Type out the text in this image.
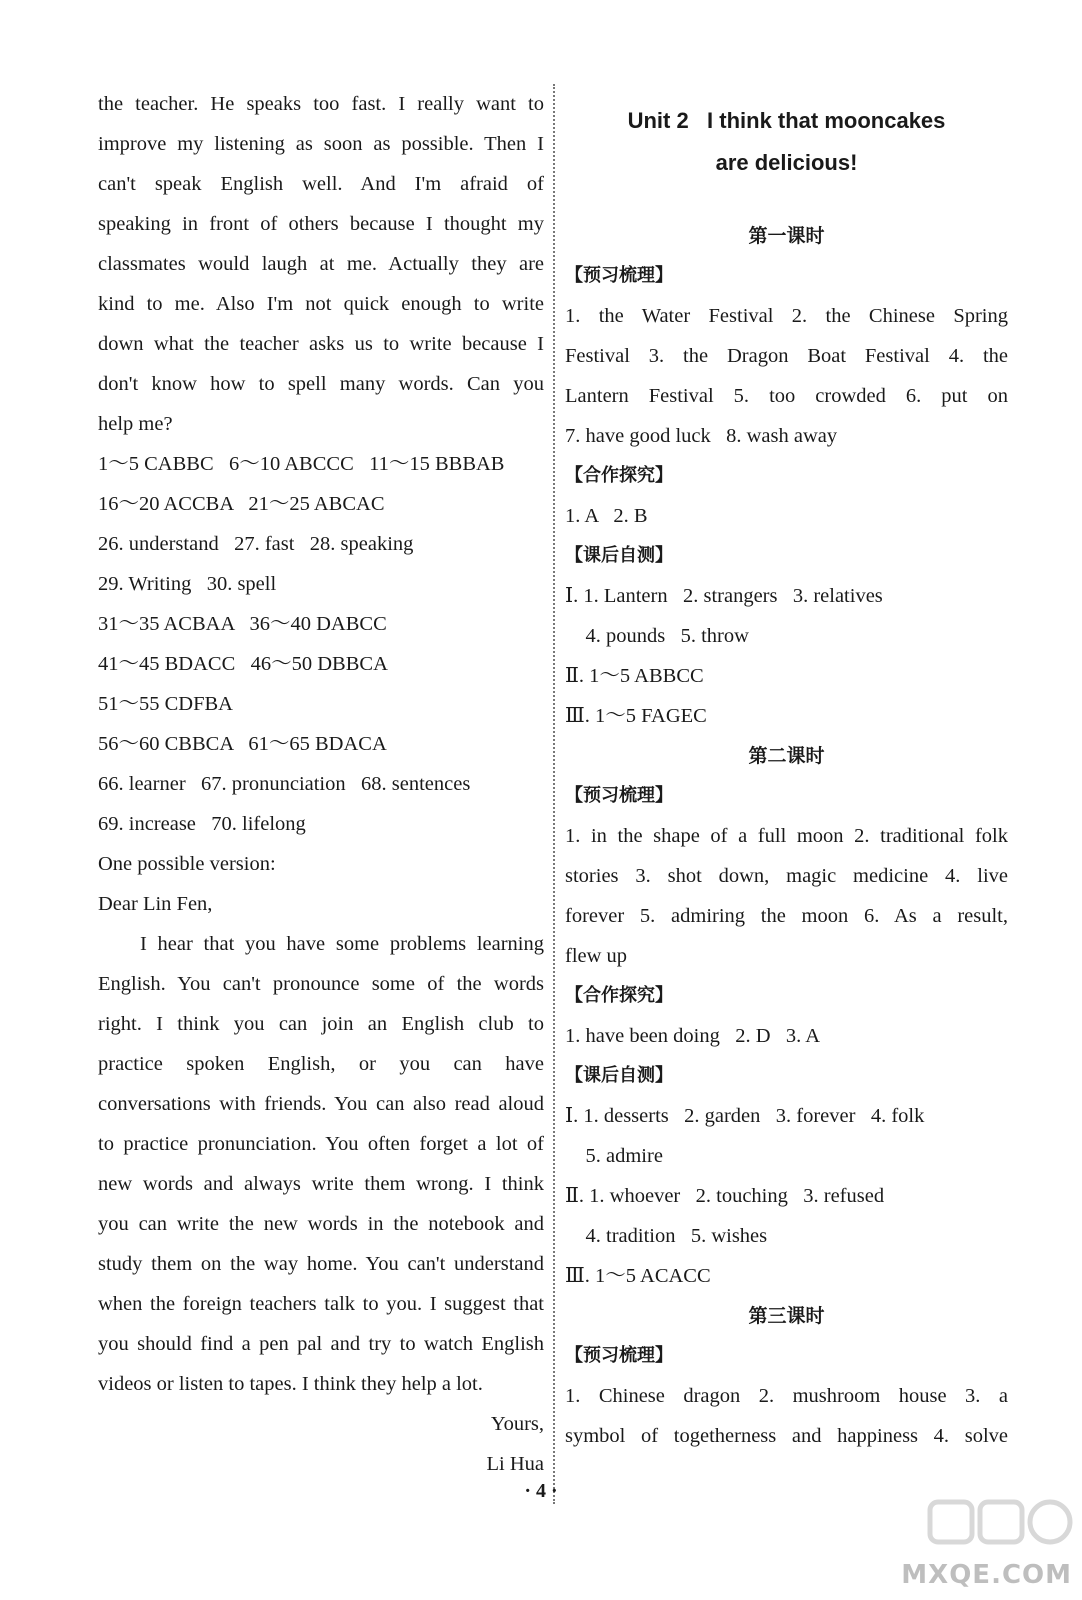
the teacher. He speaks too fast. I really want to
improve my listening as soon as possible. Then I
can't speak English well. And I'm afraid of
speaking in front of others because I thought my
classmates would laugh at me. Actually they are
kind to me. Also I'm not quick enough to write
down what the teacher asks us to write because I
don't know how to spell many words. Can you
help me?
1～5 CABBC   6～10 ABCCC   11～15 BBBAB
16～20 ACCBA   21～25 ABCAC
26. understand   27. fast   28. speaking
29. Writing   30. spell
31～35 ACBAA   36～40 DABCC
41～45 BDACC   46～50 DBBCA
51～55 CDFBA
56～60 CBBCA   61～65 BDACA
66. learner   67. pronunciation   68. sentences
69. increase   70. lifelong
One possible version:
Dear Lin Fen,
I hear that you have some problems learning
English. You can't pronounce some of the words
right. I think you can join an English club to
practice spoken English, or you can have
conversations with friends. You can also read aloud
to practice pronunciation. You often forget a lot of
new words and always write them wrong. I think
you can write the new words in the notebook and
study them on the way home. You can't understand
when the foreign teachers talk to you. I suggest that
you should find a pen pal and try to watch English
videos or listen to tapes. I think they help a lot.
Yours,
Li Hua
Unit 2   I think that mooncakes
are delicious!
第一课时
【预习梳理】
1. the Water Festival 2. the Chinese Spring
Festival 3. the Dragon Boat Festival 4. the
Lantern Festival 5. too crowded 6. put on
7. have good luck   8. wash away
【合作探究】
1. A   2. B
【课后自测】
Ⅰ. 1. Lantern   2. strangers   3. relatives
4. pounds   5. throw
Ⅱ. 1～5 ABBCC
Ⅲ. 1～5 FAGEC
第二课时
【预习梳理】
1. in the shape of a full moon 2. traditional folk
stories 3. shot down, magic medicine 4. live
forever 5. admiring the moon 6. As a result,
flew up
【合作探究】
1. have been doing   2. D   3. A
【课后自测】
Ⅰ. 1. desserts   2. garden   3. forever   4. folk
5. admire
Ⅱ. 1. whoever   2. touching   3. refused
4. tradition   5. wishes
Ⅲ. 1～5 ACACC
第三课时
【预习梳理】
1. Chinese dragon 2. mushroom house 3. a
symbol of togetherness and happiness 4. solve
· 4 ·
MXQE.COM
